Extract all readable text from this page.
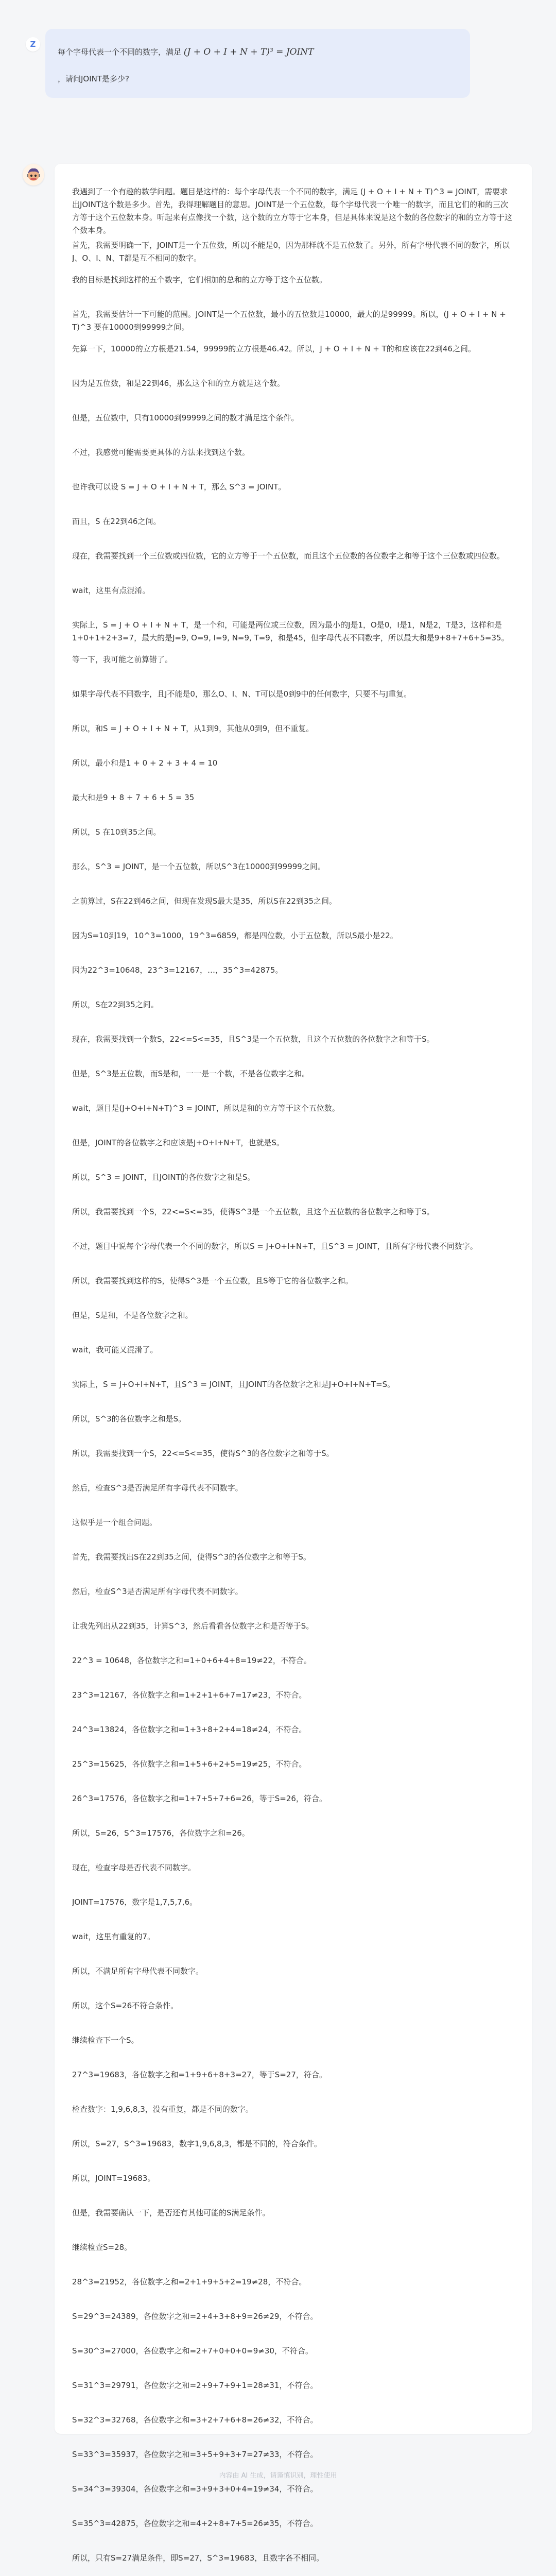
Z

每个字母代表一个不同的数字，满足 (J + O + I + N + T)³ = JOINT

，请问JOINT是多少?

我遇到了一个有趣的数学问题。题目是这样的：每个字母代表一个不同的数字，满足 (J + O + I + N + T)^3 = JOINT，需要求出JOINT这个数是多少。首先，我得理解题目的意思。JOINT是一个五位数，每个字母代表一个唯一的数字，而且它们的和的三次方等于这个五位数本身。听起来有点像找一个数，这个数的立方等于它本身，但是具体来说是这个数的各位数字的和的立方等于这个数本身。
首先，我需要明确一下，JOINT是一个五位数，所以J不能是0，因为那样就不是五位数了。另外，所有字母代表不同的数字，所以J、O、I、N、T都是互不相同的数字。
我的目标是找到这样的五个数字，它们相加的总和的立方等于这个五位数。
首先，我需要估计一下可能的范围。JOINT是一个五位数，最小的五位数是10000，最大的是99999。所以，(J + O + I + N + T)^3 要在10000到99999之间。
先算一下，10000的立方根是21.54，99999的立方根是46.42。所以，J + O + I + N + T的和应该在22到46之间。
因为是五位数，和是22到46，那么这个和的立方就是这个数。
但是，五位数中，只有10000到99999之间的数才满足这个条件。
不过，我感觉可能需要更具体的方法来找到这个数。
也许我可以设 S = J + O + I + N + T，那么 S^3 = JOINT。
而且，S 在22到46之间。
现在，我需要找到一个三位数或四位数，它的立方等于一个五位数，而且这个五位数的各位数字之和等于这个三位数或四位数。
wait，这里有点混淆。
实际上，S = J + O + I + N + T，是一个和，可能是两位或三位数，因为最小的J是1，O是0，I是1，N是2，T是3，这样和是1+0+1+2+3=7，最大的是J=9, O=9, I=9, N=9, T=9，和是45，但字母代表不同数字，所以最大和是9+8+7+6+5=35。
等一下，我可能之前算错了。
如果字母代表不同数字，且J不能是0，那么O、I、N、T可以是0到9中的任何数字，只要不与J重复。
所以，和S = J + O + I + N + T，从1到9，其他从0到9，但不重复。
所以，最小和是1 + 0 + 2 + 3 + 4 = 10
最大和是9 + 8 + 7 + 6 + 5 = 35
所以，S 在10到35之间。
那么，S^3 = JOINT，是一个五位数，所以S^3在10000到99999之间。
之前算过，S在22到46之间，但现在发现S最大是35，所以S在22到35之间。
因为S=10到19，10^3=1000，19^3=6859，都是四位数，小于五位数，所以S最小是22。
因为22^3=10648，23^3=12167，…，35^3=42875。
所以，S在22到35之间。
现在，我需要找到一个数S，22<=S<=35，且S^3是一个五位数，且这个五位数的各位数字之和等于S。
但是，S^3是五位数，而S是和，一一是一个数，不是各位数字之和。
wait，题目是(J+O+I+N+T)^3 = JOINT，所以是和的立方等于这个五位数。
但是，JOINT的各位数字之和应该是J+O+I+N+T，也就是S。
所以，S^3 = JOINT，且JOINT的各位数字之和是S。
所以，我需要找到一个S，22<=S<=35，使得S^3是一个五位数，且这个五位数的各位数字之和等于S。
不过，题目中说每个字母代表一个不同的数字，所以S = J+O+I+N+T，且S^3 = JOINT，且所有字母代表不同数字。
所以，我需要找到这样的S，使得S^3是一个五位数，且S等于它的各位数字之和。
但是，S是和，不是各位数字之和。
wait，我可能又混淆了。
实际上，S = J+O+I+N+T，且S^3 = JOINT，且JOINT的各位数字之和是J+O+I+N+T=S。
所以，S^3的各位数字之和是S。
所以，我需要找到一个S，22<=S<=35，使得S^3的各位数字之和等于S。
然后，检查S^3是否满足所有字母代表不同数字。
这似乎是一个组合问题。
首先，我需要找出S在22到35之间，使得S^3的各位数字之和等于S。
然后，检查S^3是否满足所有字母代表不同数字。
让我先列出从22到35，计算S^3，然后看看各位数字之和是否等于S。
22^3 = 10648，各位数字之和=1+0+6+4+8=19≠22，不符合。
23^3=12167，各位数字之和=1+2+1+6+7=17≠23，不符合。
24^3=13824，各位数字之和=1+3+8+2+4=18≠24，不符合。
25^3=15625，各位数字之和=1+5+6+2+5=19≠25，不符合。
26^3=17576，各位数字之和=1+7+5+7+6=26，等于S=26，符合。
所以，S=26，S^3=17576，各位数字之和=26。
现在，检查字母是否代表不同数字。
JOINT=17576，数字是1,7,5,7,6。
wait，这里有重复的7。
所以，不满足所有字母代表不同数字。
所以，这个S=26不符合条件。
继续检查下一个S。
27^3=19683，各位数字之和=1+9+6+8+3=27，等于S=27，符合。
检查数字：1,9,6,8,3，没有重复，都是不同的数字。
所以，S=27，S^3=19683，数字1,9,6,8,3，都是不同的，符合条件。
所以，JOINT=19683。
但是，我需要确认一下，是否还有其他可能的S满足条件。
继续检查S=28。
28^3=21952，各位数字之和=2+1+9+5+2=19≠28，不符合。
S=29^3=24389，各位数字之和=2+4+3+8+9=26≠29，不符合。
S=30^3=27000，各位数字之和=2+7+0+0+0=9≠30，不符合。
S=31^3=29791，各位数字之和=2+9+7+9+1=28≠31，不符合。
S=32^3=32768，各位数字之和=3+2+7+6+8=26≠32，不符合。
S=33^3=35937，各位数字之和=3+5+9+3+7=27≠33，不符合。
S=34^3=39304，各位数字之和=3+9+3+0+4=19≠34，不符合。
S=35^3=42875，各位数字之和=4+2+8+7+5=26≠35，不符合。
所以，只有S=27满足条件，即S=27，S^3=19683，且数字各不相同。
内容由 AI 生成，请谨慎识别，理性使用
